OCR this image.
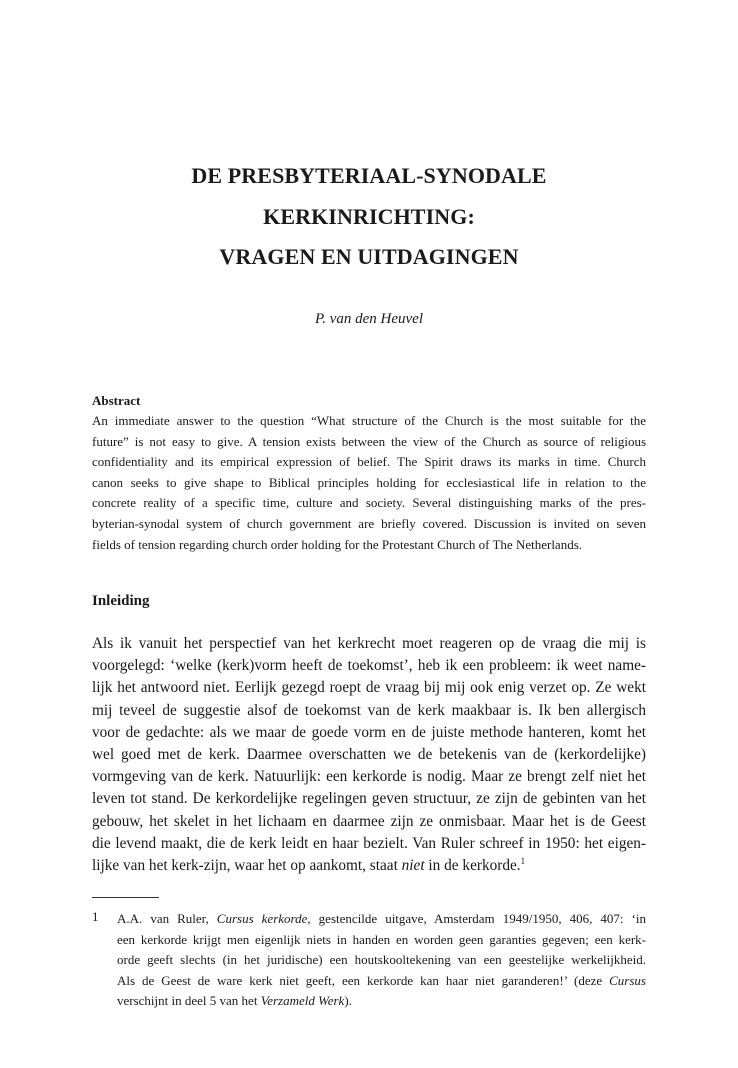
DE PRESBYTERIAAL-SYNODALE
KERKINRICHTING:
VRAGEN EN UITDAGINGEN
P. van den Heuvel
Abstract
An immediate answer to the question “What structure of the Church is the most suitable for the
future” is not easy to give. A tension exists between the view of the Church as source of religious
confidentiality and its empirical expression of belief. The Spirit draws its marks in time. Church
canon seeks to give shape to Biblical principles holding for ecclesiastical life in relation to the
concrete reality of a specific time, culture and society. Several distinguishing marks of the pres-
byterian-synodal system of church government are briefly covered. Discussion is invited on seven
fields of tension regarding church order holding for the Protestant Church of The Netherlands.
Inleiding
Als ik vanuit het perspectief van het kerkrecht moet reageren op de vraag die mij is
voorgelegd: ‘welke (kerk)vorm heeft de toekomst’, heb ik een probleem: ik weet name-
lijk het antwoord niet. Eerlijk gezegd roept de vraag bij mij ook enig verzet op. Ze wekt
mij teveel de suggestie alsof de toekomst van de kerk maakbaar is. Ik ben allergisch
voor de gedachte: als we maar de goede vorm en de juiste methode hanteren, komt het
wel goed met de kerk. Daarmee overschatten we de betekenis van de (kerkordelijke)
vormgeving van de kerk. Natuurlijk: een kerkorde is nodig. Maar ze brengt zelf niet het
leven tot stand. De kerkordelijke regelingen geven structuur, ze zijn de gebinten van het
gebouw, het skelet in het lichaam en daarmee zijn ze onmisbaar. Maar het is de Geest
die levend maakt, die de kerk leidt en haar bezielt. Van Ruler schreef in 1950: het eigen-
lijke van het kerk-zijn, waar het op aankomt, staat niet in de kerkorde.$^1$
1 A.A. van Ruler, Cursus kerkorde, gestencilde uitgave, Amsterdam 1949/1950, 406, 407: ‘in
een kerkorde krijgt men eigenlijk niets in handen en worden geen garanties gegeven; een kerk-
orde geeft slechts (in het juridische) een houtskooltekening van een geestelijke werkelijkheid.
Als de Geest de ware kerk niet geeft, een kerkorde kan haar niet garanderen!’ (deze Cursus
verschijnt in deel 5 van het Verzameld Werk).
